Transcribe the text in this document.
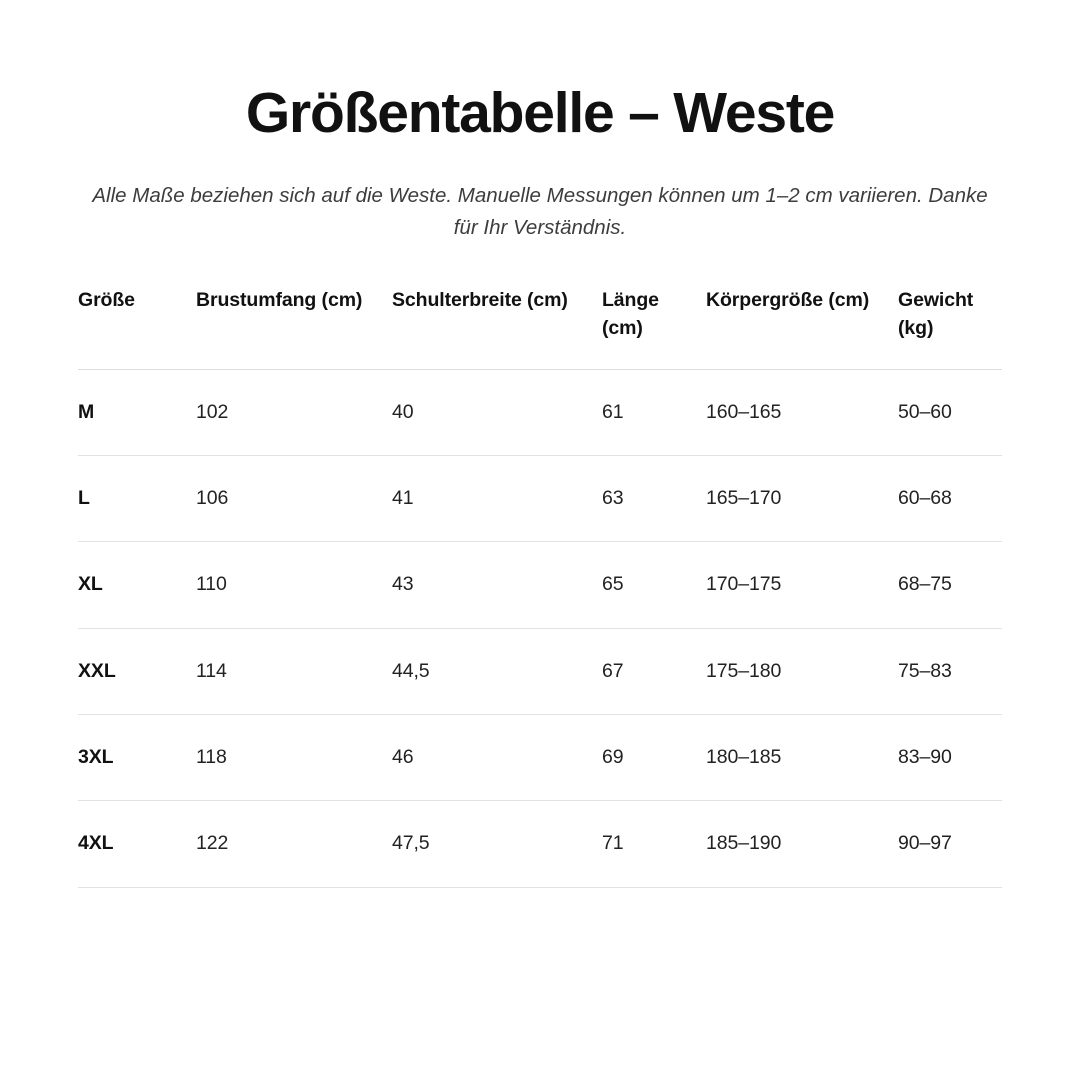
Größentabelle – Weste

Alle Maße beziehen sich auf die Weste. Manuelle Messungen können um 1–2 cm variieren. Danke für Ihr Verständnis.

Größe	Brustumfang (cm)	Schulterbreite (cm)	Länge (cm)	Körpergröße (cm)	Gewicht (kg)
M	102	40	61	160–165	50–60
L	106	41	63	165–170	60–68
XL	110	43	65	170–175	68–75
XXL	114	44,5	67	175–180	75–83
3XL	118	46	69	180–185	83–90
4XL	122	47,5	71	185–190	90–97
